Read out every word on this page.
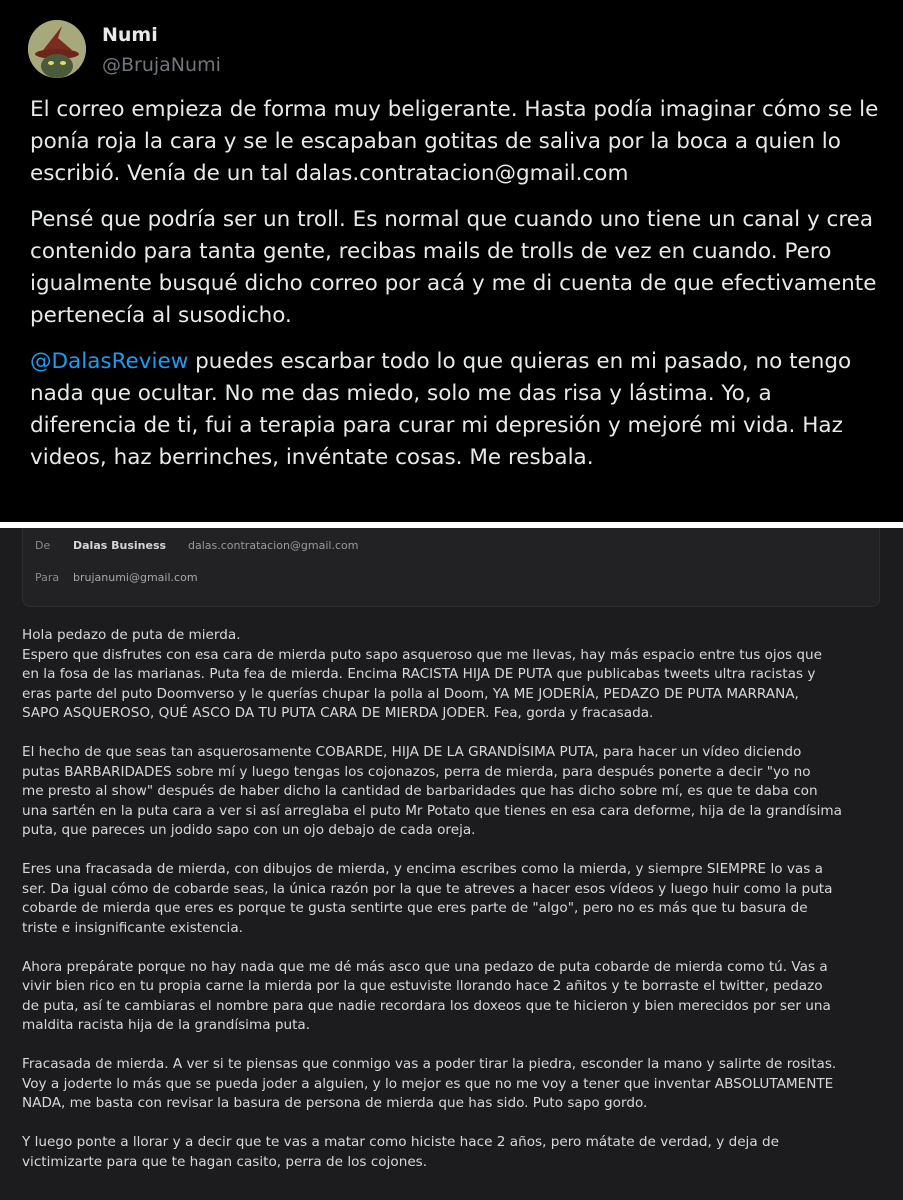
Numi
@BrujaNumi

El correo empieza de forma muy beligerante. Hasta podía imaginar cómo se le ponía roja la cara y se le escapaban gotitas de saliva por la boca a quien lo escribió. Venía de un tal dalas.contratacion@gmail.com

Pensé que podría ser un troll. Es normal que cuando uno tiene un canal y crea contenido para tanta gente, recibas mails de trolls de vez en cuando. Pero igualmente busqué dicho correo por acá y me di cuenta de que efectivamente pertenecía al susodicho.

@DalasReview puedes escarbar todo lo que quieras en mi pasado, no tengo nada que ocultar. No me das miedo, solo me das risa y lástima. Yo, a diferencia de ti, fui a terapia para curar mi depresión y mejoré mi vida. Haz videos, haz berrinches, invéntate cosas. Me resbala.

De Dalas Business dalas.contratacion@gmail.com
Para brujanumi@gmail.com

Hola pedazo de puta de mierda.
Espero que disfrutes con esa cara de mierda puto sapo asqueroso que me llevas, hay más espacio entre tus ojos que
en la fosa de las marianas. Puta fea de mierda. Encima RACISTA HIJA DE PUTA que publicabas tweets ultra racistas y
eras parte del puto Doomverso y le querías chupar la polla al Doom, YA ME JODERÍA, PEDAZO DE PUTA MARRANA,
SAPO ASQUEROSO, QUÉ ASCO DA TU PUTA CARA DE MIERDA JODER. Fea, gorda y fracasada.

El hecho de que seas tan asquerosamente COBARDE, HIJA DE LA GRANDÍSIMA PUTA, para hacer un vídeo diciendo
putas BARBARIDADES sobre mí y luego tengas los cojonazos, perra de mierda, para después ponerte a decir "yo no
me presto al show" después de haber dicho la cantidad de barbaridades que has dicho sobre mí, es que te daba con
una sartén en la puta cara a ver si así arreglaba el puto Mr Potato que tienes en esa cara deforme, hija de la grandísima
puta, que pareces un jodido sapo con un ojo debajo de cada oreja.

Eres una fracasada de mierda, con dibujos de mierda, y encima escribes como la mierda, y siempre SIEMPRE lo vas a
ser. Da igual cómo de cobarde seas, la única razón por la que te atreves a hacer esos vídeos y luego huir como la puta
cobarde de mierda que eres es porque te gusta sentirte que eres parte de "algo", pero no es más que tu basura de
triste e insignificante existencia.

Ahora prepárate porque no hay nada que me dé más asco que una pedazo de puta cobarde de mierda como tú. Vas a
vivir bien rico en tu propia carne la mierda por la que estuviste llorando hace 2 añitos y te borraste el twitter, pedazo
de puta, así te cambiaras el nombre para que nadie recordara los doxeos que te hicieron y bien merecidos por ser una
maldita racista hija de la grandísima puta.

Fracasada de mierda. A ver si te piensas que conmigo vas a poder tirar la piedra, esconder la mano y salirte de rositas.
Voy a joderte lo más que se pueda joder a alguien, y lo mejor es que no me voy a tener que inventar ABSOLUTAMENTE
NADA, me basta con revisar la basura de persona de mierda que has sido. Puto sapo gordo.

Y luego ponte a llorar y a decir que te vas a matar como hiciste hace 2 años, pero mátate de verdad, y deja de
victimizarte para que te hagan casito, perra de los cojones.
